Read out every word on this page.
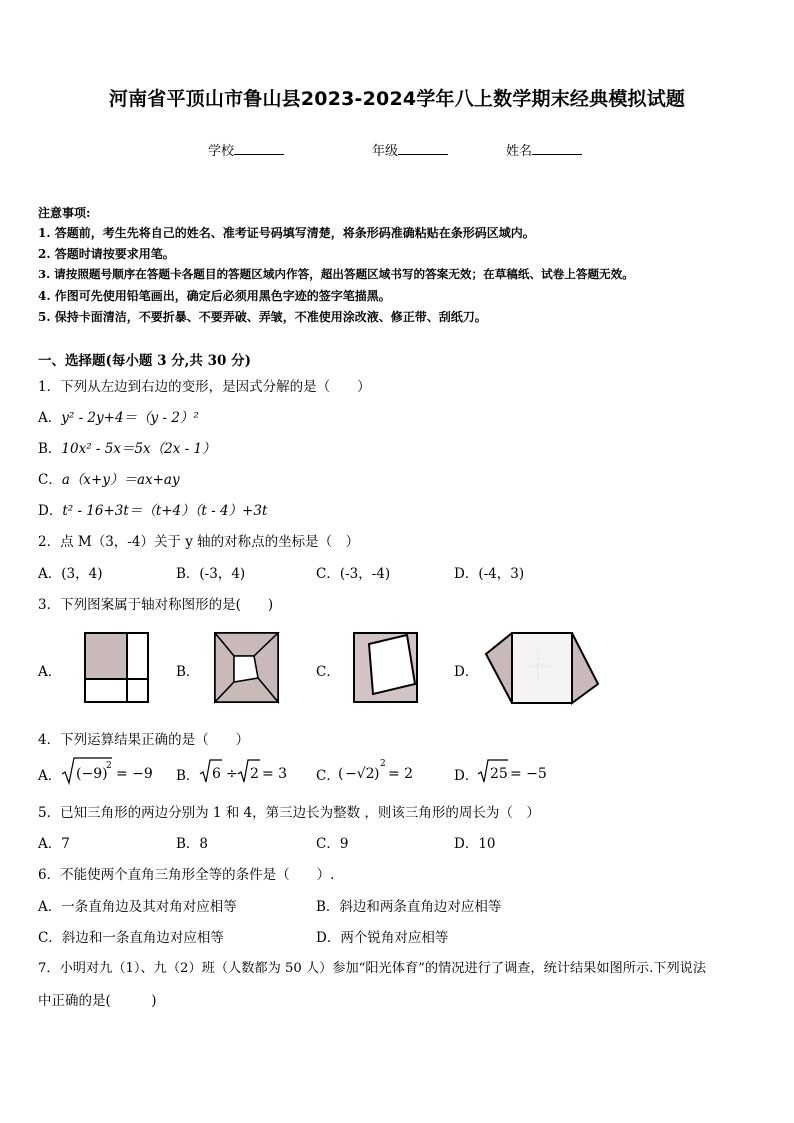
河南省平顶山市鲁山县2023-2024学年八上数学期末经典模拟试题
学校	年级	姓名
注意事项:
1. 答题前，考生先将自己的姓名、准考证号码填写清楚，将条形码准确粘贴在条形码区域内。
2. 答题时请按要求用笔。
3. 请按照题号顺序在答题卡各题目的答题区域内作答，超出答题区域书写的答案无效；在草稿纸、试卷上答题无效。
4. 作图可先使用铅笔画出，确定后必须用黑色字迹的签字笔描黑。
5. 保持卡面清洁，不要折暴、不要弄破、弄皱，不准使用涂改液、修正带、刮纸刀。
一、选择题(每小题 3 分,共 30 分)
1．下列从左边到右边的变形，是因式分解的是（　　）
A．y² - 2y+4＝（y - 2）²
B．10x² - 5x＝5x（2x - 1）
C．a（x+y）＝ax+ay
D．t² - 16+3t＝（t+4）（t - 4）+3t
2．点 M（3，-4）关于 y 轴的对称点的坐标是（　）
A．(3，4)	B．(-3，4)	C．(-3，-4)	D．(-4，3)
3．下列图案属于轴对称图形的是(　　)
A．	B．	C．	D．
4．下列运算结果正确的是（　　）
A． (−9)
2 = −9 B． 6 ÷ 2 = 3 C．
( −√2 )
2
= 2	D． 25 = −5
5．已知三角形的两边分别为 1 和 4，第三边长为整数 ，则该三角形的周长为（　）
A．7	B．8	C．9	D．10
6．不能使两个直角三角形全等的条件是（　　）.
A．一条直角边及其对角对应相等	B．斜边和两条直角边对应相等
C．斜边和一条直角边对应相等	D．两个锐角对应相等
7．小明对九（1）、九（2）班（人数都为 50 人）参加“阳光体育”的情况进行了调查，统计结果如图所示.下列说法
中正确的是(　　　)
